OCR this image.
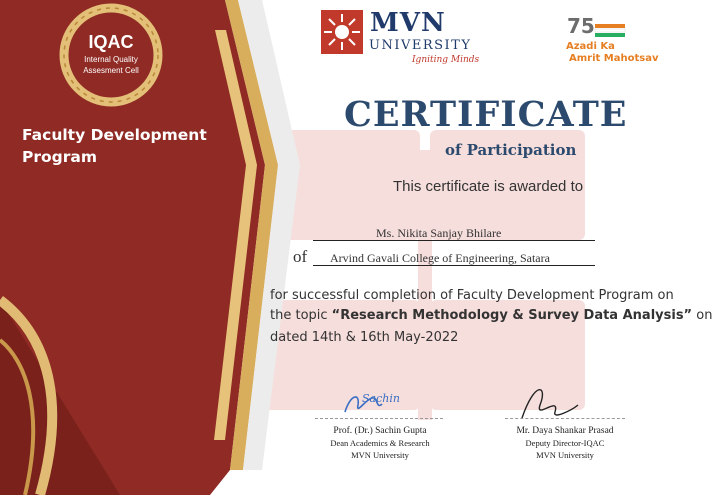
IQAC
Internal Quality
Assesment Cell
Faculty Development Program
MVN
UNIVERSITY
Igniting Minds
75
Azadi Ka
Amrit Mahotsav
CERTIFICATE
of Participation
This certificate is awarded to
Ms. Nikita Sanjay Bhilare
of Arvind Gavali College of Engineering, Satara
for successful completion of Faculty Development Program on
the topic “Research Methodology & Survey Data Analysis” on
dated 14th & 16th May-2022
Sachin
Prof. (Dr.) Sachin Gupta
Dean Academics & Research
MVN University
Mr. Daya Shankar Prasad
Deputy Director-IQAC
MVN University
